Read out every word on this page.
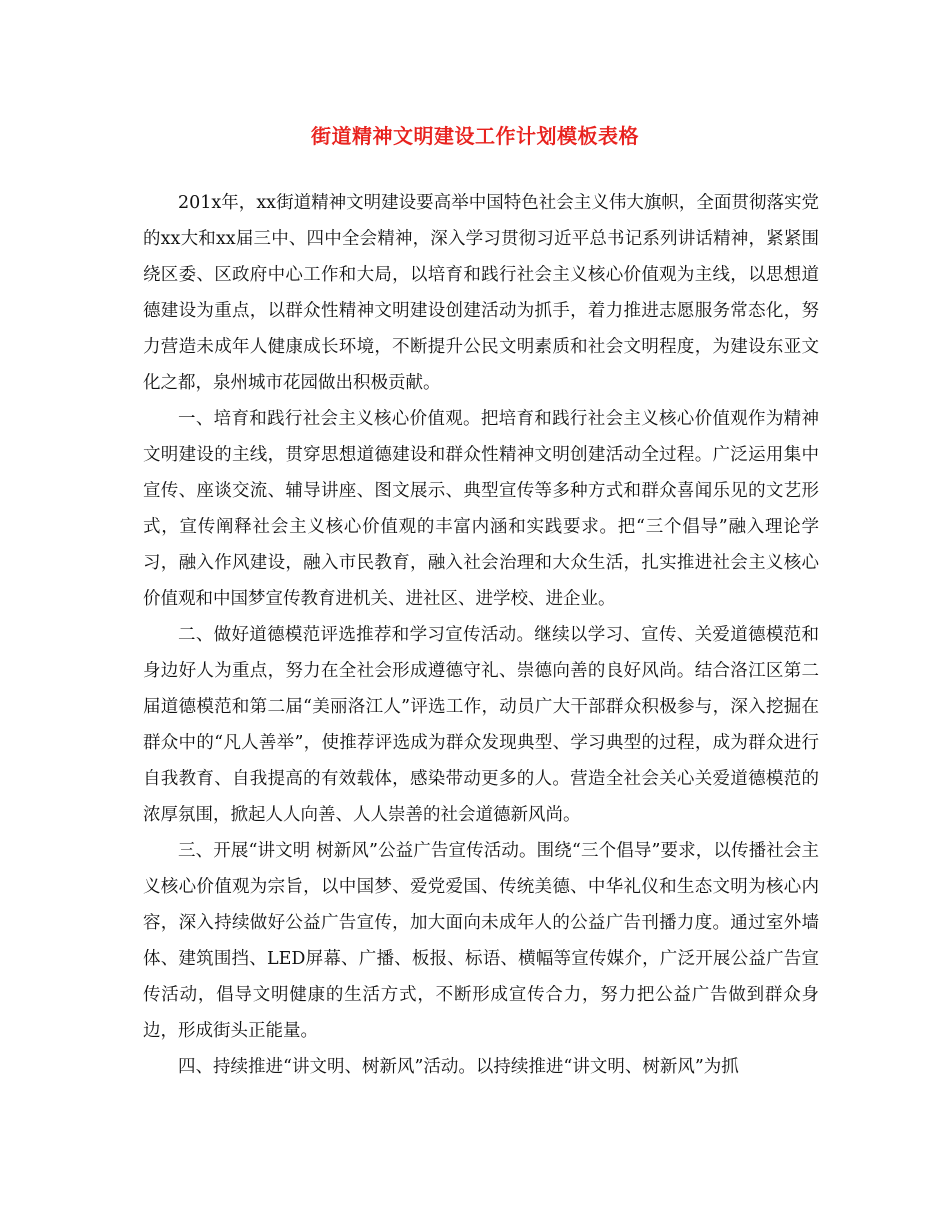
街道精神文明建设工作计划模板表格

201x年，xx街道精神文明建设要高举中国特色社会主义伟大旗帜，全面贯彻落实党的xx大和xx届三中、四中全会精神，深入学习贯彻习近平总书记系列讲话精神，紧紧围绕区委、区政府中心工作和大局，以培育和践行社会主义核心价值观为主线，以思想道德建设为重点，以群众性精神文明建设创建活动为抓手，着力推进志愿服务常态化，努力营造未成年人健康成长环境，不断提升公民文明素质和社会文明程度，为建设东亚文化之都，泉州城市花园做出积极贡献。

一、培育和践行社会主义核心价值观。把培育和践行社会主义核心价值观作为精神文明建设的主线，贯穿思想道德建设和群众性精神文明创建活动全过程。广泛运用集中宣传、座谈交流、辅导讲座、图文展示、典型宣传等多种方式和群众喜闻乐见的文艺形式，宣传阐释社会主义核心价值观的丰富内涵和实践要求。把“三个倡导”融入理论学习，融入作风建设，融入市民教育，融入社会治理和大众生活，扎实推进社会主义核心价值观和中国梦宣传教育进机关、进社区、进学校、进企业。

二、做好道德模范评选推荐和学习宣传活动。继续以学习、宣传、关爱道德模范和身边好人为重点，努力在全社会形成遵德守礼、崇德向善的良好风尚。结合洛江区第二届道德模范和第二届“美丽洛江人”评选工作，动员广大干部群众积极参与，深入挖掘在群众中的“凡人善举”，使推荐评选成为群众发现典型、学习典型的过程，成为群众进行自我教育、自我提高的有效载体，感染带动更多的人。营造全社会关心关爱道德模范的浓厚氛围，掀起人人向善、人人崇善的社会道德新风尚。

三、开展“讲文明 树新风”公益广告宣传活动。围绕“三个倡导”要求，以传播社会主义核心价值观为宗旨，以中国梦、爱党爱国、传统美德、中华礼仪和生态文明为核心内容，深入持续做好公益广告宣传，加大面向未成年人的公益广告刊播力度。通过室外墙体、建筑围挡、LED屏幕、广播、板报、标语、横幅等宣传媒介，广泛开展公益广告宣传活动，倡导文明健康的生活方式，不断形成宣传合力，努力把公益广告做到群众身边，形成街头正能量。

四、持续推进“讲文明、树新风”活动。以持续推进“讲文明、树新风”为抓
